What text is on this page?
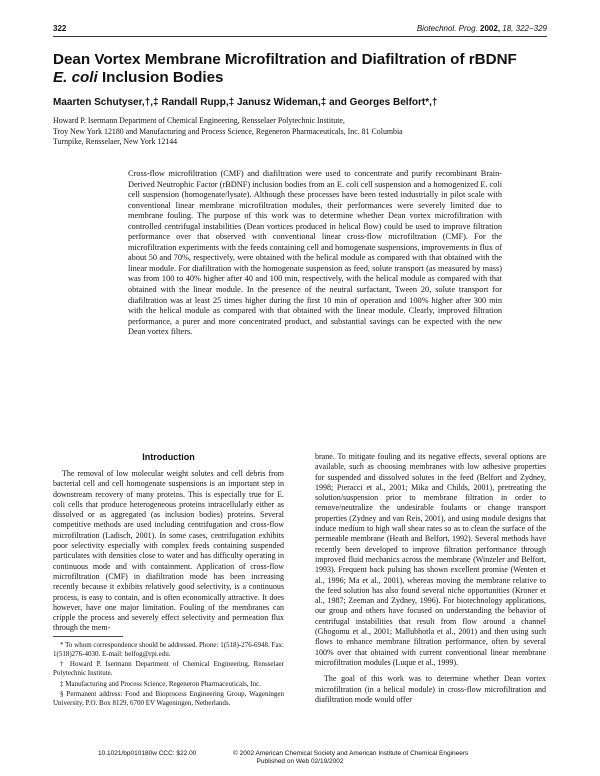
322	Biotechnol. Prog. 2002, 18, 322−329
Dean Vortex Membrane Microfiltration and Diafiltration of rBDNF
E. coli Inclusion Bodies
Maarten Schutyser,†,‡ Randall Rupp,‡ Janusz Wideman,‡ and Georges Belfort*,†
Howard P. Isermann Department of Chemical Engineering, Rensselaer Polytechnic Institute,
Troy New York 12180 and Manufacturing and Process Science, Regeneron Pharmaceuticals, Inc. 81 Columbia
Turnpike, Rensselaer, New York 12144

Cross-flow microfiltration (CMF) and diafiltration were used to concentrate and purify recombinant Brain-Derived Neutrophic Factor (rBDNF) inclusion bodies from an E. coli cell suspension and a homogenized E. coli cell suspension (homogenate/lysate). Although these processes have been tested industrially in pilot scale with conventional linear membrane microfiltration modules, their performances were severely limited due to membrane fouling. The purpose of this work was to determine whether Dean vortex microfiltration with controlled centrifugal instabilities (Dean vortices produced in helical flow) could be used to improve filtration performance over that observed with conventional linear cross-flow microfiltration (CMF). For the microfiltration experiments with the feeds containing cell and homogenate suspensions, improvements in flux of about 50 and 70%, respectively, were obtained with the helical module as compared with that obtained with the linear module. For diafiltration with the homogenate suspension as feed, solute transport (as measured by mass) was from 100 to 40% higher after 40 and 100 min, respectively, with the helical module as compared with that obtained with the linear module. In the presence of the neutral surfactant, Tween 20, solute transport for diafiltration was at least 25 times higher during the first 10 min of operation and 100% higher after 300 min with the helical module as compared with that obtained with the linear module. Clearly, improved filtration performance, a purer and more concentrated product, and substantial savings can be expected with the new Dean vortex filters.

Introduction

The removal of low molecular weight solutes and cell debris from bacterial cell and cell homogenate suspensions is an important step in downstream recovery of many proteins. This is especially true for E. coli cells that produce heterogeneous proteins intracellularly either as dissolved or as aggregated (as inclusion bodies) proteins. Several competitive methods are used including centrifugation and cross-flow microfiltration (Ladisch, 2001). In some cases, centrifugation exhibits poor selectivity especially with complex feeds containing suspended particulates with densities close to water and has difficulty operating in continuous mode and with containment. Application of cross-flow microfiltration (CMF) in diafiltration mode has been increasing recently because it exhibits relatively good selectivity, is a continuous process, is easy to contain, and is often economically attractive. It does however, have one major limitation. Fouling of the membranes can cripple the process and severely effect selectivity and permeation flux through the mem-

brane. To mitigate fouling and its negative effects, several options are available, such as choosing membranes with low adhesive properties for suspended and dissolved solutes in the feed (Belfort and Zydney, 1998; Pieracci et al., 2001; Mika and Childs, 2001), pretreating the solution/suspension prior to membrane filtration in order to remove/neutralize the undesirable foulants or change transport properties (Zydney and van Reis, 2001), and using module designs that induce medium to high wall shear rates so as to clean the surface of the permeable membrane (Heath and Belfort, 1992). Several methods have recently been developed to improve filtration performance through improved fluid mechanics across the membrane (Winzeler and Belfort, 1993). Frequent back pulsing has shown excellent promise (Wenten et al., 1996; Ma et al., 2001), whereas moving the membrane relative to the feed solution has also found several niche opportunities (Kroner et al., 1987; Zeeman and Zydney, 1996). For biotechnology applications, our group and others have focused on understanding the behavior of centrifugal instabilities that result from flow around a channel (Ghogomu et al., 2001; Mallubhotla et al., 2001) and then using such flows to enhance membrane filtration performance, often by several 100% over that obtained with current conventional linear membrane microfiltration modules (Luque et al., 1999).

The goal of this work was to determine whether Dean vortex microfiltration (in a helical module) in cross-flow microfiltration and diafiltration mode would offer

* To whom correspondence should be addressed. Phone: 1(518)-276-6948. Fax: 1(518)276-4030. E-mail: belfog@rpi.edu.

† Howard P. Isermann Department of Chemical Engineering, Rensselaer Polytechnic Institute.

‡ Manufacturing and Process Science, Regeneron Pharmaceuticals, Inc.

§ Permanent address: Food and Bioprocess Engineering Group, Wageningen University, P.O. Box 8129, 6700 EV Wageningen, Netherlands.

10.1021/bp010180w CCC: $22.00	© 2002 American Chemical Society and American Institute of Chemical Engineers
Published on Web 02/19/2002
